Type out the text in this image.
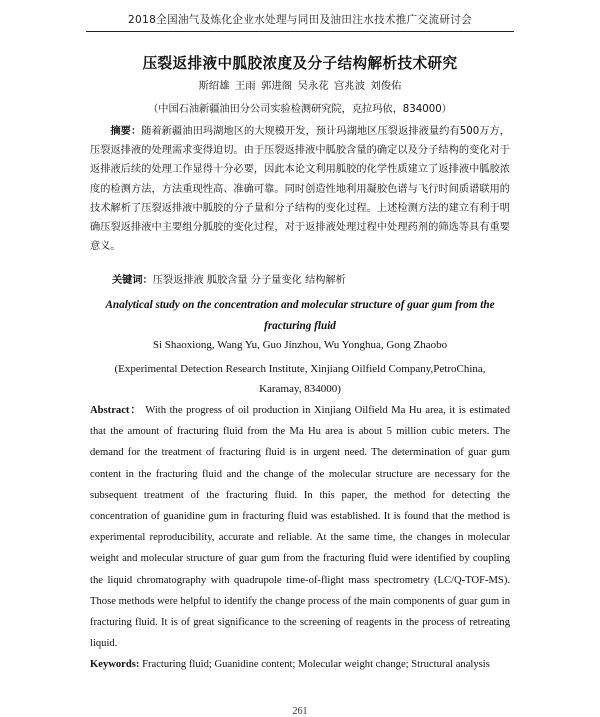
2018全国油气及炼化企业水处理与同田及油田注水技术推广交流研讨会
压裂返排液中胍胶浓度及分子结构解析技术研究
斯绍雄 王雨 郭进阁 吴永花 宫兆波 刘俊佑
（中国石油新疆油田分公司实验检测研究院，克拉玛依，834000）
摘要：随着新疆油田玛湖地区的大规模开发，预计玛湖地区压裂返排液量约有500万方，压裂返排液的处理需求变得迫切。由于压裂返排液中胍胶含量的确定以及分子结构的变化对于返排液后续的处理工作显得十分必要，因此本论文利用胍胶的化学性质建立了返排液中胍胶浓度的检测方法，方法重现性高、准确可靠。同时创造性地利用凝胶色谱与飞行时间质谱联用的技术解析了压裂返排液中胍胶的分子量和分子结构的变化过程。上述检测方法的建立有利于明确压裂返排液中主要组分胍胶的变化过程，对于返排液处理过程中处理药剂的筛选等具有重要意义。
关键词：压裂返排液 胍胶含量 分子量变化 结构解析
Analytical study on the concentration and molecular structure of guar gum from the fracturing fluid
Si Shaoxiong, Wang Yu, Guo Jinzhou, Wu Yonghua, Gong Zhaobo
(Experimental Detection Research Institute, Xinjiang Oilfield Company,PetroChina, Karamay, 834000)
Abstract： With the progress of oil production in Xinjiang Oilfield Ma Hu area, it is estimated that the amount of fracturing fluid from the Ma Hu area is about 5 million cubic meters. The demand for the treatment of fracturing fluid is in urgent need. The determination of guar gum content in the fracturing fluid and the change of the molecular structure are necessary for the subsequent treatment of the fracturing fluid. In this paper, the method for detecting the concentration of guanidine gum in fracturing fluid was established. It is found that the method is experimental reproducibility, accurate and reliable. At the same time, the changes in molecular weight and molecular structure of guar gum from the fracturing fluid were identified by coupling the liquid chromatography with quadrupole time-of-flight mass spectrometry (LC/Q-TOF-MS). Those methods were helpful to identify the change process of the main components of guar gum in fracturing fluid. It is of great significance to the screening of reagents in the process of retreating liquid.
Keywords: Fracturing fluid; Guanidine content; Molecular weight change; Structural analysis
261
